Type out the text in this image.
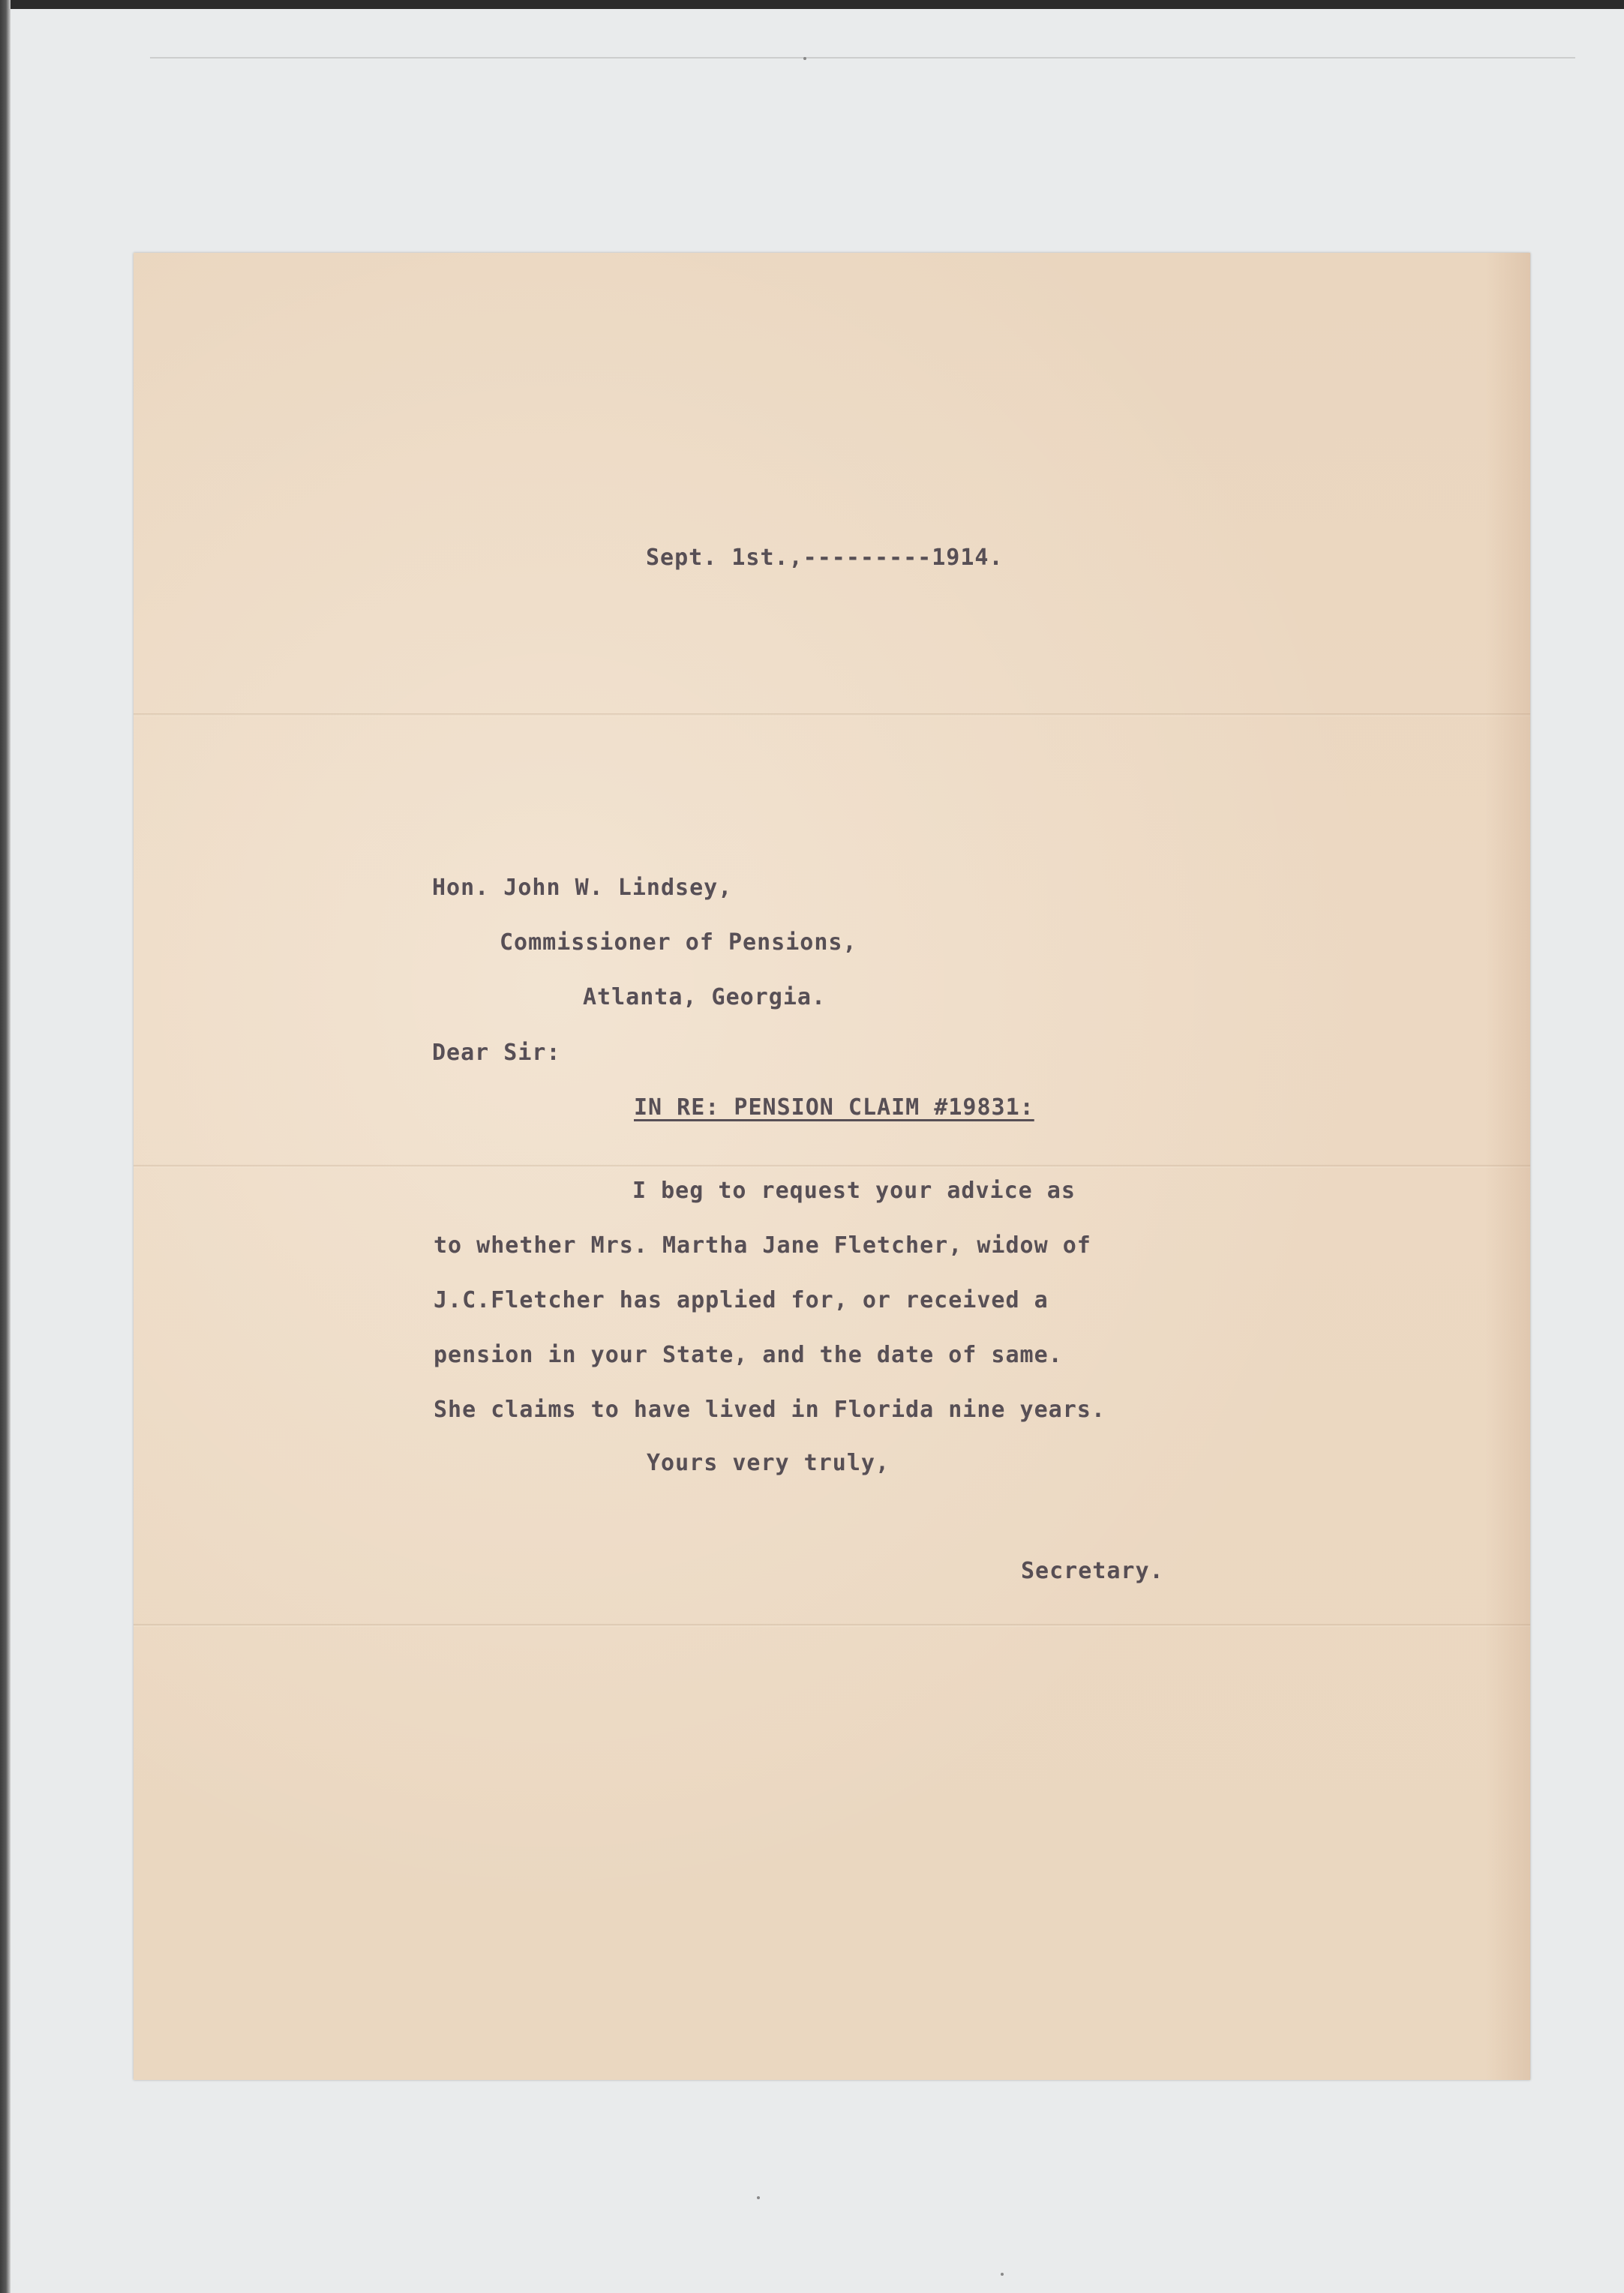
Sept. 1st.,---------1914.
Hon. John W. Lindsey,
Commissioner of Pensions,
Atlanta, Georgia.
Dear Sir:
IN RE: PENSION CLAIM #19831:
I beg to request your advice as
to whether Mrs. Martha Jane Fletcher, widow of
J.C.Fletcher has applied for, or received a
pension in your State, and the date of same.
She claims to have lived in Florida nine years.
Yours very truly,
Secretary.
